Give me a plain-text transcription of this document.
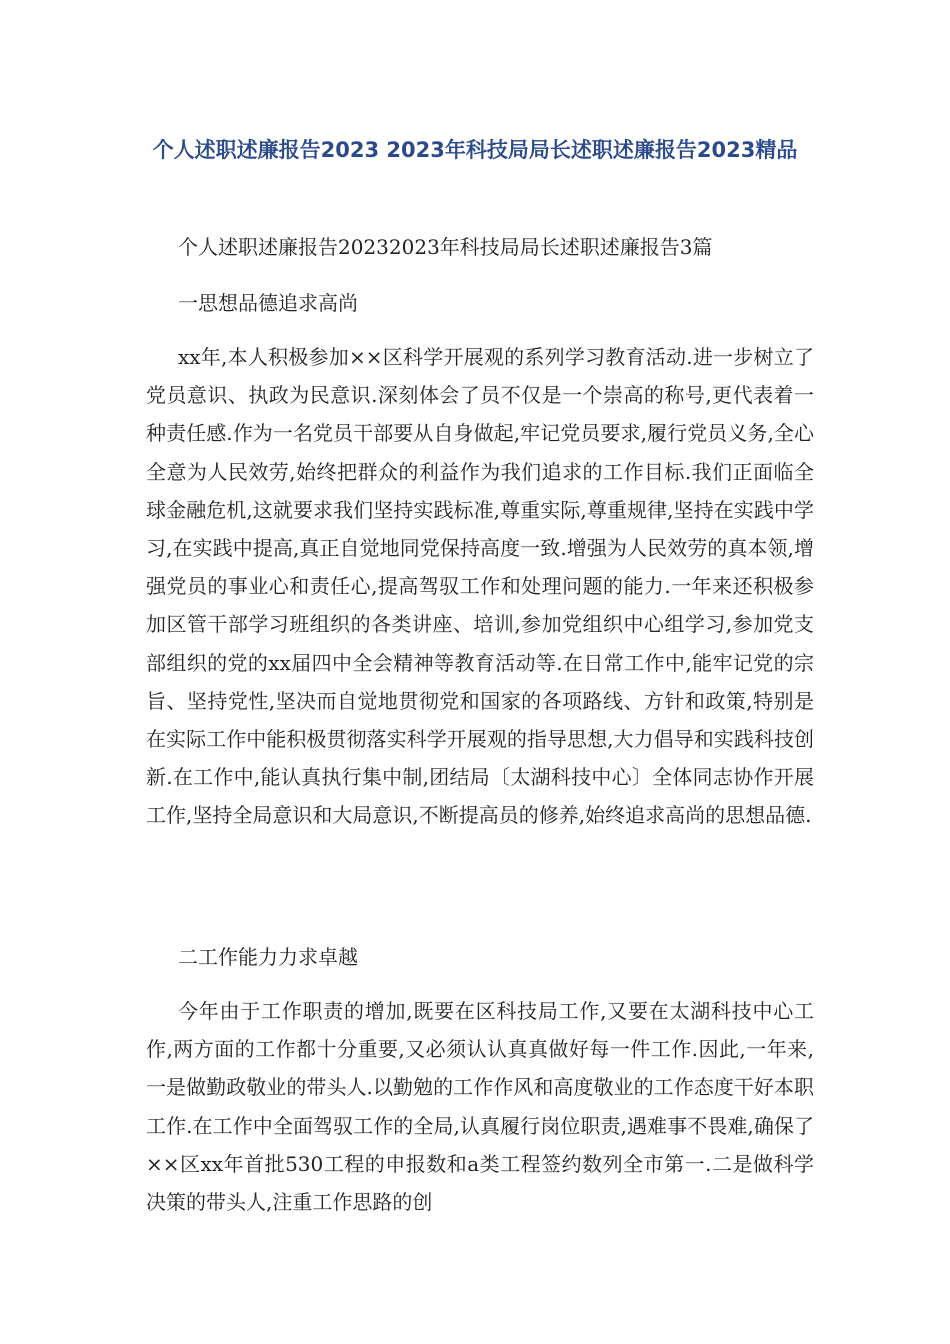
个人述职述廉报告2023 2023年科技局局长述职述廉报告2023精品

个人述职述廉报告20232023年科技局局长述职述廉报告3篇

一思想品德追求高尚

xx年,本人积极参加××区科学开展观的系列学习教育活动.进一步树立了党员意识、执政为民意识.深刻体会了员不仅是一个崇高的称号,更代表着一种责任感.作为一名党员干部要从自身做起,牢记党员要求,履行党员义务,全心全意为人民效劳,始终把群众的利益作为我们追求的工作目标.我们正面临全球金融危机,这就要求我们坚持实践标准,尊重实际,尊重规律,坚持在实践中学习,在实践中提高,真正自觉地同党保持高度一致.增强为人民效劳的真本领,增强党员的事业心和责任心,提高驾驭工作和处理问题的能力.一年来还积极参加区管干部学习班组织的各类讲座、培训,参加党组织中心组学习,参加党支部组织的党的xx届四中全会精神等教育活动等.在日常工作中,能牢记党的宗旨、坚持党性,坚决而自觉地贯彻党和国家的各项路线、方针和政策,特别是在实际工作中能积极贯彻落实科学开展观的指导思想,大力倡导和实践科技创新.在工作中,能认真执行集中制,团结局〔太湖科技中心〕全体同志协作开展工作,坚持全局意识和大局意识,不断提高员的修养,始终追求高尚的思想品德.

二工作能力力求卓越

今年由于工作职责的增加,既要在区科技局工作,又要在太湖科技中心工作,两方面的工作都十分重要,又必须认认真真做好每一件工作.因此,一年来,一是做勤政敬业的带头人.以勤勉的工作作风和高度敬业的工作态度干好本职工作.在工作中全面驾驭工作的全局,认真履行岗位职责,遇难事不畏难,确保了××区xx年首批530工程的申报数和a类工程签约数列全市第一.二是做科学决策的带头人,注重工作思路的创
